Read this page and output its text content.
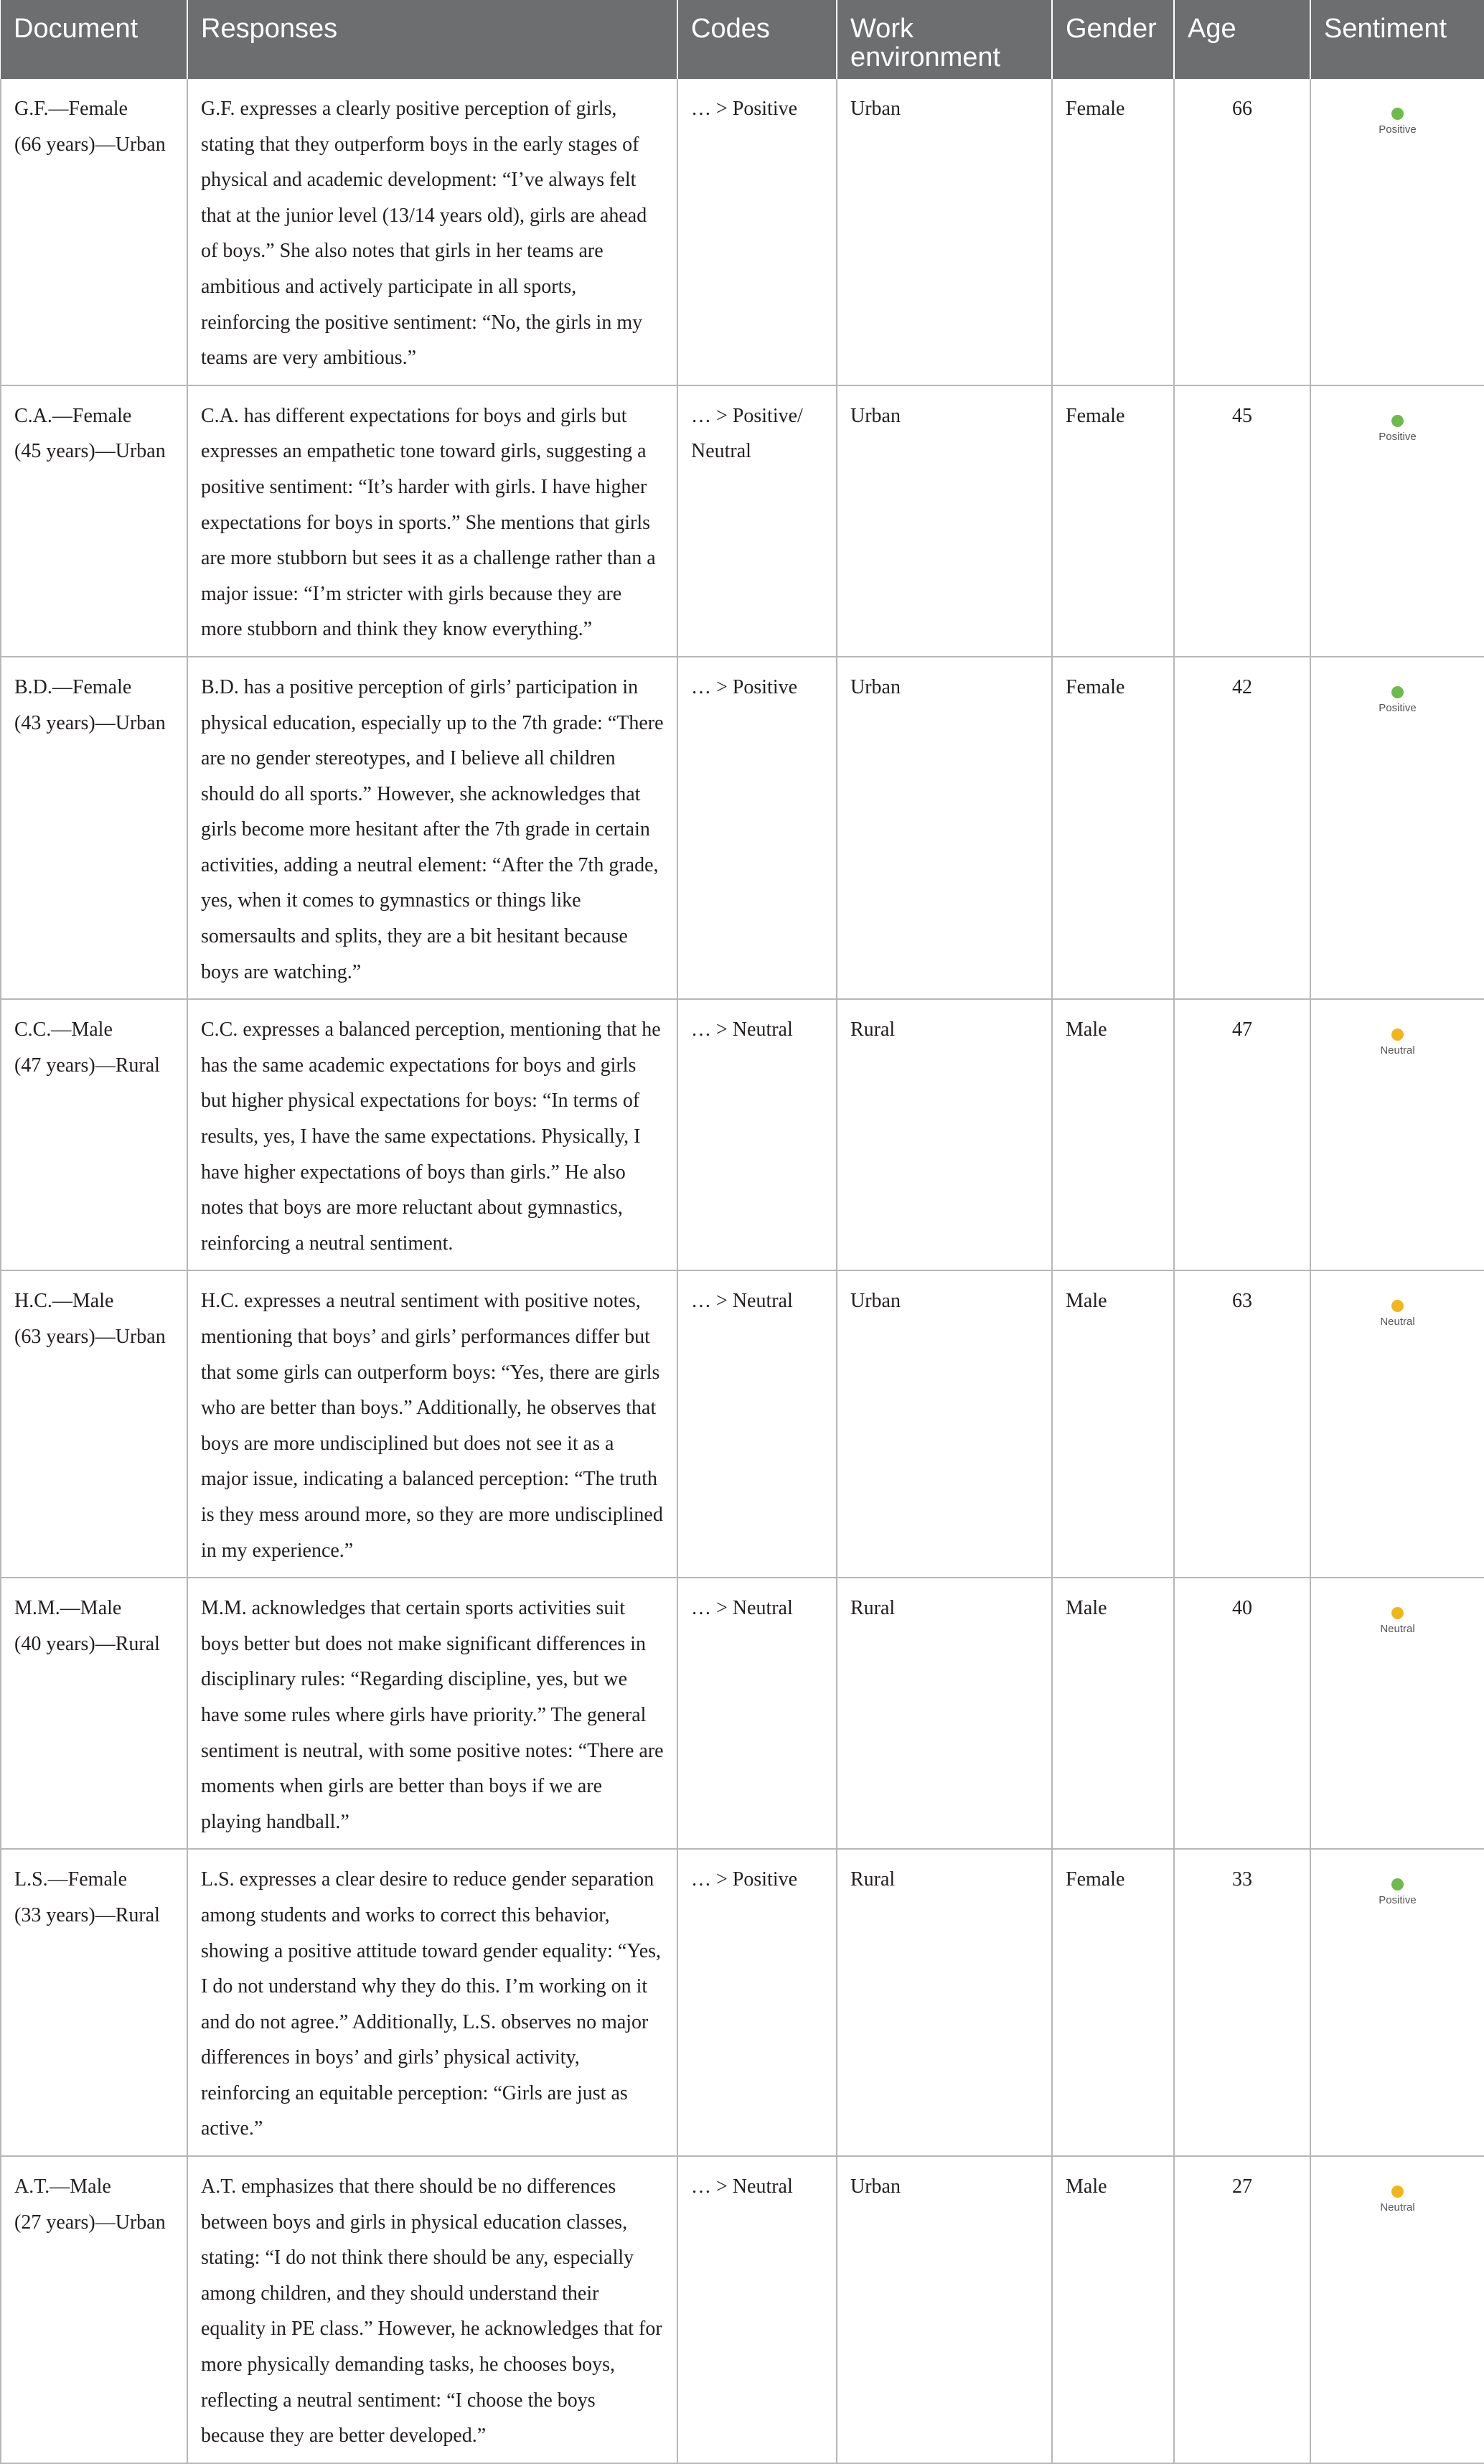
Document	Responses	Codes	Work environment	Gender	Age	Sentiment

G.F.—Female
(66 years)—Urban	G.F. expresses a clearly positive perception of girls, stating that they outperform boys in the early stages of physical and academic development: “I’ve always felt that at the junior level (13/14 years old), girls are ahead of boys.” She also notes that girls in her teams are ambitious and actively participate in all sports, reinforcing the positive sentiment: “No, the girls in my teams are very ambitious.”	… > Positive	Urban	Female	66	Positive

C.A.—Female
(45 years)—Urban	C.A. has different expectations for boys and girls but expresses an empathetic tone toward girls, suggesting a positive sentiment: “It’s harder with girls. I have higher expectations for boys in sports.” She mentions that girls are more stubborn but sees it as a challenge rather than a major issue: “I’m stricter with girls because they are more stubborn and think they know everything.”	… > Positive/ Neutral	Urban	Female	45	Positive

B.D.—Female
(43 years)—Urban	B.D. has a positive perception of girls’ participation in physical education, especially up to the 7th grade: “There are no gender stereotypes, and I believe all children should do all sports.” However, she acknowledges that girls become more hesitant after the 7th grade in certain activities, adding a neutral element: “After the 7th grade, yes, when it comes to gymnastics or things like somersaults and splits, they are a bit hesitant because boys are watching.”	… > Positive	Urban	Female	42	Positive

C.C.—Male
(47 years)—Rural	C.C. expresses a balanced perception, mentioning that he has the same academic expectations for boys and girls but higher physical expectations for boys: “In terms of results, yes, I have the same expectations. Physically, I have higher expectations of boys than girls.” He also notes that boys are more reluctant about gymnastics, reinforcing a neutral sentiment.	… > Neutral	Rural	Male	47	Neutral

H.C.—Male
(63 years)—Urban	H.C. expresses a neutral sentiment with positive notes, mentioning that boys’ and girls’ performances differ but that some girls can outperform boys: “Yes, there are girls who are better than boys.” Additionally, he observes that boys are more undisciplined but does not see it as a major issue, indicating a balanced perception: “The truth is they mess around more, so they are more undisciplined in my experience.”	… > Neutral	Urban	Male	63	Neutral

M.M.—Male
(40 years)—Rural	M.M. acknowledges that certain sports activities suit boys better but does not make significant differences in disciplinary rules: “Regarding discipline, yes, but we have some rules where girls have priority.” The general sentiment is neutral, with some positive notes: “There are moments when girls are better than boys if we are playing handball.”	… > Neutral	Rural	Male	40	Neutral

L.S.—Female
(33 years)—Rural	L.S. expresses a clear desire to reduce gender separation among students and works to correct this behavior, showing a positive attitude toward gender equality: “Yes, I do not understand why they do this. I’m working on it and do not agree.” Additionally, L.S. observes no major differences in boys’ and girls’ physical activity, reinforcing an equitable perception: “Girls are just as active.”	… > Positive	Rural	Female	33	Positive

A.T.—Male
(27 years)—Urban	A.T. emphasizes that there should be no differences between boys and girls in physical education classes, stating: “I do not think there should be any, especially among children, and they should understand their equality in PE class.” However, he acknowledges that for more physically demanding tasks, he chooses boys, reflecting a neutral sentiment: “I choose the boys because they are better developed.”	… > Neutral	Urban	Male	27	Neutral
